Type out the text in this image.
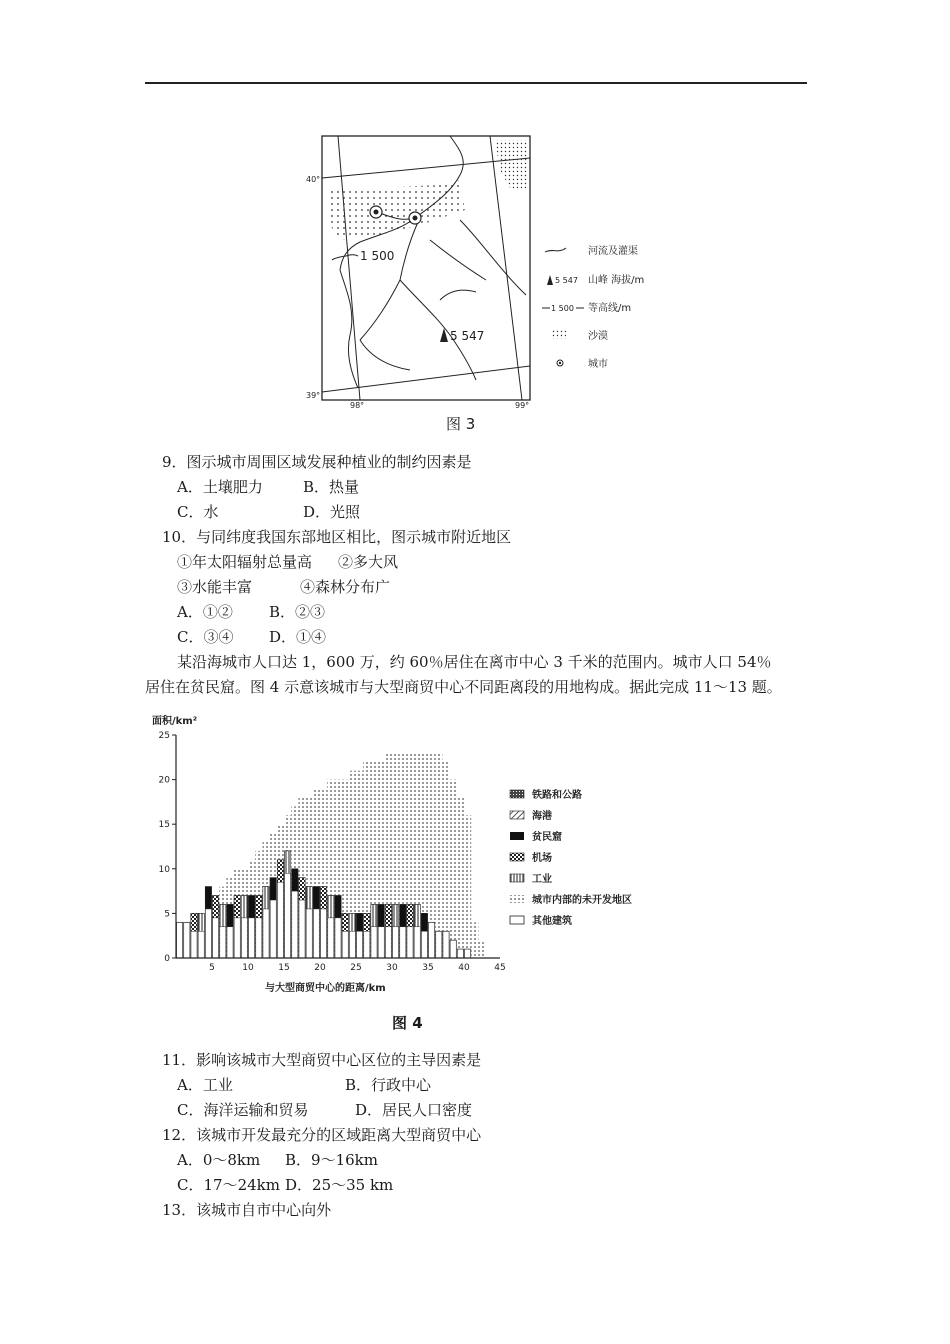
1 500
5 547
40°
39°
98°	99°
河流及灌渠
5 547 山峰 海拔/m
1 500 等高线/m
沙漠
城市
图 3
9．图示城市周围区域发展种植业的制约因素是
A．土壤肥力	B．热量
C．水	D．光照
10．与同纬度我国东部地区相比，图示城市附近地区
①年太阳辐射总量高 ②多大风
③水能丰富	④森林分布广
A．①② B．②③
C．③④ D．①④
某沿海城市人口达 1，600 万，约 60％居住在离市中心 3 千米的范围内。城市人口 54％
居住在贫民窟。图 4 示意该城市与大型商贸中心不同距离段的用地构成。据此完成 11～13 题。
0
5
10
15
20
25
5	10	15	20	25	30	35	40	45
面积/km²
与大型商贸中心的距离/km
铁路和公路
海港
贫民窟
机场
工业
城市内部的未开发地区
其他建筑
图 4
11．影响该城市大型商贸中心区位的主导因素是
A．工业	B．行政中心
C．海洋运输和贸易	D．居民人口密度
12．该城市开发最充分的区域距离大型商贸中心
A．0～8km B．9～16km
C．17～24km D．25～35 km
13．该城市自市中心向外
